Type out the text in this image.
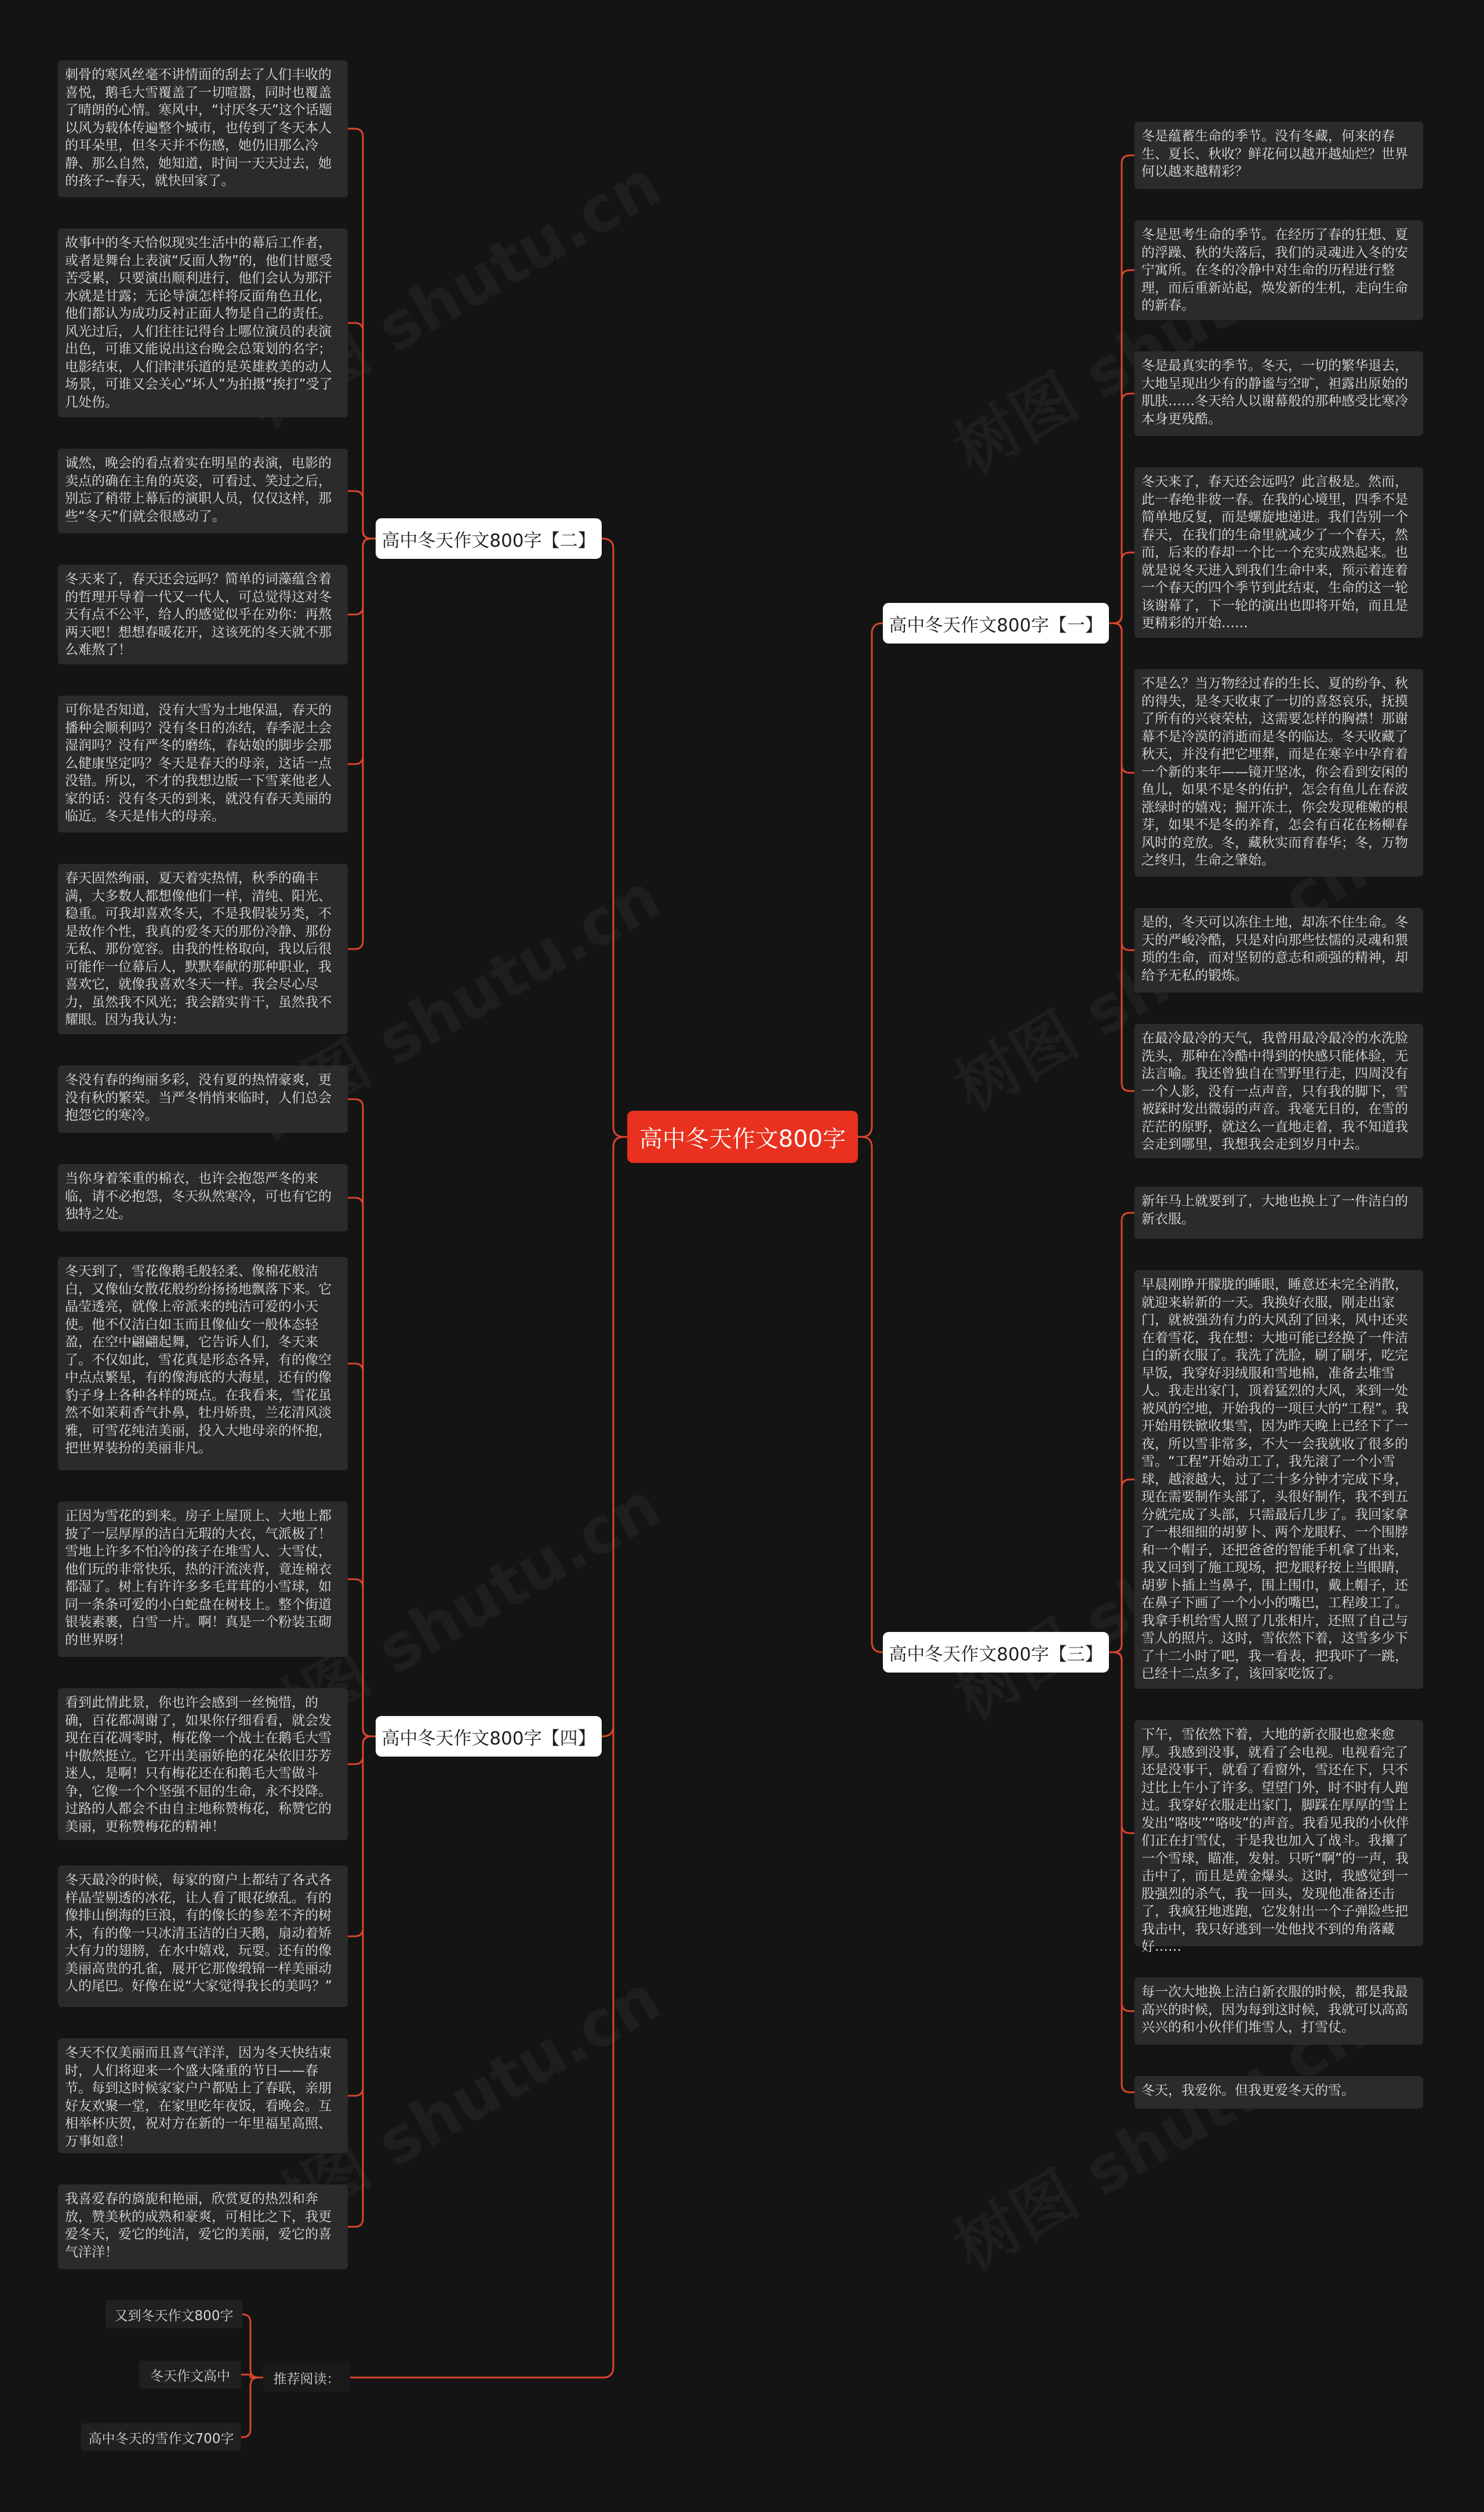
高中冬天作文800字
高中冬天作文800字【一】
高中冬天作文800字【二】
高中冬天作文800字【三】
高中冬天作文800字【四】
推荐阅读：
冬是蕴蓄生命的季节。没有冬藏，何来的春生、夏长、秋收？鲜花何以越开越灿烂？世界何以越来越精彩？
冬是思考生命的季节。在经历了春的狂想、夏的浮躁、秋的失落后，我们的灵魂进入冬的安宁寓所。在冬的冷静中对生命的历程进行整理，而后重新站起，焕发新的生机，走向生命的新春。
冬是最真实的季节。冬天，一切的繁华退去，大地呈现出少有的静谧与空旷，袒露出原始的肌肤……冬天给人以谢幕般的那种感受比寒冷本身更残酷。
冬天来了，春天还会远吗？此言极是。然而，此一春绝非彼一春。在我的心境里，四季不是简单地反复，而是螺旋地递进。我们告别一个春天，在我们的生命里就减少了一个春天，然而，后来的春却一个比一个充实成熟起来。也就是说冬天进入到我们生命中来，预示着连着一个春天的四个季节到此结束，生命的这一轮该谢幕了，下一轮的演出也即将开始，而且是更精彩的开始……
不是么？当万物经过春的生长、夏的纷争、秋的得失，是冬天收束了一切的喜怒哀乐，抚摸了所有的兴衰荣枯，这需要怎样的胸襟！那谢幕不是冷漠的消逝而是冬的临达。冬天收藏了秋天，并没有把它埋葬，而是在寒辛中孕育着一个新的来年——镜开坚冰，你会看到安闲的鱼儿，如果不是冬的佑护，怎会有鱼儿在春波涨绿时的嬉戏；掘开冻土，你会发现稚嫩的根芽，如果不是冬的养育，怎会有百花在杨柳春风时的竞放。冬，藏秋实而育春华；冬，万物之终归，生命之肇始。
是的，冬天可以冻住土地，却冻不住生命。冬天的严峻冷酷，只是对向那些怯懦的灵魂和猥琐的生命，而对坚韧的意志和顽强的精神，却给予无私的锻炼。
在最冷最冷的天气，我曾用最冷最冷的水洗脸洗头，那种在冷酷中得到的快感只能体验，无法言喻。我还曾独自在雪野里行走，四周没有一个人影，没有一点声音，只有我的脚下，雪被踩时发出微弱的声音。我毫无目的，在雪的茫茫的原野，就这么一直地走着，我不知道我会走到哪里，我想我会走到岁月中去。
刺骨的寒风丝毫不讲情面的刮去了人们丰收的喜悦，鹅毛大雪覆盖了一切喧嚣，同时也覆盖了晴朗的心情。寒风中，“讨厌冬天”这个话题以风为载体传遍整个城市，也传到了冬天本人的耳朵里，但冬天并不伤感，她仍旧那么冷静、那么自然，她知道，时间一天天过去，她的孩子--春天，就快回家了。
故事中的冬天恰似现实生活中的幕后工作者，或者是舞台上表演“反面人物”的，他们甘愿受苦受累，只要演出顺利进行，他们会认为那汗水就是甘露；无论导演怎样将反面角色丑化，他们都认为成功反衬正面人物是自己的责任。风光过后，人们往往记得台上哪位演员的表演出色，可谁又能说出这台晚会总策划的名字；电影结束，人们津津乐道的是英雄救美的动人场景，可谁又会关心“坏人”为拍摄“挨打”受了几处伤。
诚然，晚会的看点着实在明星的表演，电影的卖点的确在主角的英姿，可看过、笑过之后，别忘了稍带上幕后的演职人员，仅仅这样，那些“冬天”们就会很感动了。
冬天来了，春天还会远吗？简单的词藻蕴含着的哲理开导着一代又一代人，可总觉得这对冬天有点不公平，给人的感觉似乎在劝你：再熬两天吧！想想春暖花开，这该死的冬天就不那么难熬了！
可你是否知道，没有大雪为土地保温，春天的播种会顺利吗？没有冬日的冻结，春季泥土会湿润吗？没有严冬的磨练，春姑娘的脚步会那么健康坚定吗？冬天是春天的母亲，这话一点没错。所以，不才的我想边版一下雪莱他老人家的话：没有冬天的到来，就没有春天美丽的临近。冬天是伟大的母亲。
春天固然绚丽，夏天着实热情，秋季的确丰满，大多数人都想像他们一样，清纯、阳光、稳重。可我却喜欢冬天，不是我假装另类，不是故作个性，我真的爱冬天的那份冷静、那份无私、那份宽容。由我的性格取向，我以后很可能作一位幕后人，默默奉献的那种职业，我喜欢它，就像我喜欢冬天一样。我会尽心尽力，虽然我不风光；我会踏实肯干，虽然我不耀眼。因为我认为：
新年马上就要到了，大地也换上了一件洁白的新衣服。
早晨刚睁开朦胧的睡眼，睡意还未完全消散，就迎来崭新的一天。我换好衣服，刚走出家门，就被强劲有力的大风刮了回来，风中还夹在着雪花，我在想：大地可能已经换了一件洁白的新衣服了。我洗了洗脸，刷了刷牙，吃完早饭，我穿好羽绒服和雪地棉，准备去堆雪人。我走出家门，顶着猛烈的大风，来到一处被风的空地，开始我的一项巨大的“工程”。我开始用铁锨收集雪，因为昨天晚上已经下了一夜，所以雪非常多，不大一会我就收了很多的雪。“工程”开始动工了，我先滚了一个小雪球，越滚越大，过了二十多分钟才完成下身，现在需要制作头部了，头很好制作，我不到五分就完成了头部，只需最后几步了。我回家拿了一根细细的胡萝卜、两个龙眼籽、一个围脖和一个帽子，还把爸爸的智能手机拿了出来，我又回到了施工现场，把龙眼籽按上当眼睛，胡萝卜插上当鼻子，围上围巾，戴上帽子，还在鼻子下画了一个小小的嘴巴，工程竣工了。我拿手机给雪人照了几张相片，还照了自己与雪人的照片。这时，雪依然下着，这雪多少下了十二小时了吧，我一看表，把我吓了一跳，已经十二点多了，该回家吃饭了。
下午，雪依然下着，大地的新衣服也愈来愈厚。我感到没事，就看了会电视。电视看完了还是没事干，就看了看窗外，雪还在下，只不过比上午小了许多。望望门外，时不时有人跑过。我穿好衣服走出家门，脚踩在厚厚的雪上发出“咯吱”“咯吱”的声音。我看见我的小伙伴们正在打雪仗，于是我也加入了战斗。我攥了一个雪球，瞄准，发射。只听“啊”的一声，我击中了，而且是黄金爆头。这时，我感觉到一股强烈的杀气，我一回头，发现他准备还击了，我疯狂地逃跑，它发射出一个子弹险些把我击中，我只好逃到一处他找不到的角落藏好……
每一次大地换上洁白新衣服的时候，都是我最高兴的时候，因为每到这时候，我就可以高高兴兴的和小伙伴们堆雪人，打雪仗。
冬天，我爱你。但我更爱冬天的雪。
冬没有春的绚丽多彩，没有夏的热情豪爽，更没有秋的繁荣。当严冬悄悄来临时，人们总会抱怨它的寒冷。
当你身着笨重的棉衣，也许会抱怨严冬的来临，请不必抱怨，冬天纵然寒冷，可也有它的独特之处。
冬天到了，雪花像鹅毛般轻柔、像棉花般洁白，又像仙女散花般纷纷扬扬地飘落下来。它晶莹透亮，就像上帝派来的纯洁可爱的小天使。他不仅洁白如玉而且像仙女一般体态轻盈，在空中翩翩起舞，它告诉人们，冬天来了。不仅如此，雪花真是形态各异，有的像空中点点繁星，有的像海底的大海星，还有的像豹子身上各种各样的斑点。在我看来，雪花虽然不如茉莉香气扑鼻，牡丹娇贵，兰花清风淡雅，可雪花纯洁美丽，投入大地母亲的怀抱，把世界装扮的美丽非凡。
正因为雪花的到来。房子上屋顶上、大地上都披了一层厚厚的洁白无瑕的大衣，气派极了！雪地上许多不怕冷的孩子在堆雪人、大雪仗，他们玩的非常快乐，热的汗流浃背，竟连棉衣都湿了。树上有许许多多毛茸茸的小雪球，如同一条条可爱的小白蛇盘在树枝上。整个街道银装素裹，白雪一片。啊！真是一个粉装玉砌的世界呀！
看到此情此景，你也许会感到一丝惋惜，的确，百花都凋谢了，如果你仔细看看，就会发现在百花凋零时，梅花像一个战士在鹅毛大雪中傲然挺立。它开出美丽娇艳的花朵依旧芬芳迷人，是啊！只有梅花还在和鹅毛大雪做斗争，它像一个个坚强不屈的生命，永不投降。过路的人都会不由自主地称赞梅花，称赞它的美丽，更称赞梅花的精神！
冬天最冷的时候，每家的窗户上都结了各式各样晶莹剔透的冰花，让人看了眼花缭乱。有的像排山倒海的巨浪，有的像长的参差不齐的树木，有的像一只冰清玉洁的白天鹅，扇动着矫大有力的翅膀，在水中嬉戏，玩耍。还有的像美丽高贵的孔雀，展开它那像缎锦一样美丽动人的尾巴。好像在说“大家觉得我长的美吗？”
冬天不仅美丽而且喜气洋洋，因为冬天快结束时，人们将迎来一个盛大隆重的节日——春节。每到这时候家家户户都贴上了春联，亲朋好友欢聚一堂，在家里吃年夜饭，看晚会。互相举杯庆贺，祝对方在新的一年里福星高照、万事如意！
我喜爱春的旖旎和艳丽，欣赏夏的热烈和奔放，赞美秋的成熟和豪爽，可相比之下，我更爱冬天，爱它的纯洁，爱它的美丽，爱它的喜气洋洋！
又到冬天作文800字
冬天作文高中
高中冬天的雪作文700字
